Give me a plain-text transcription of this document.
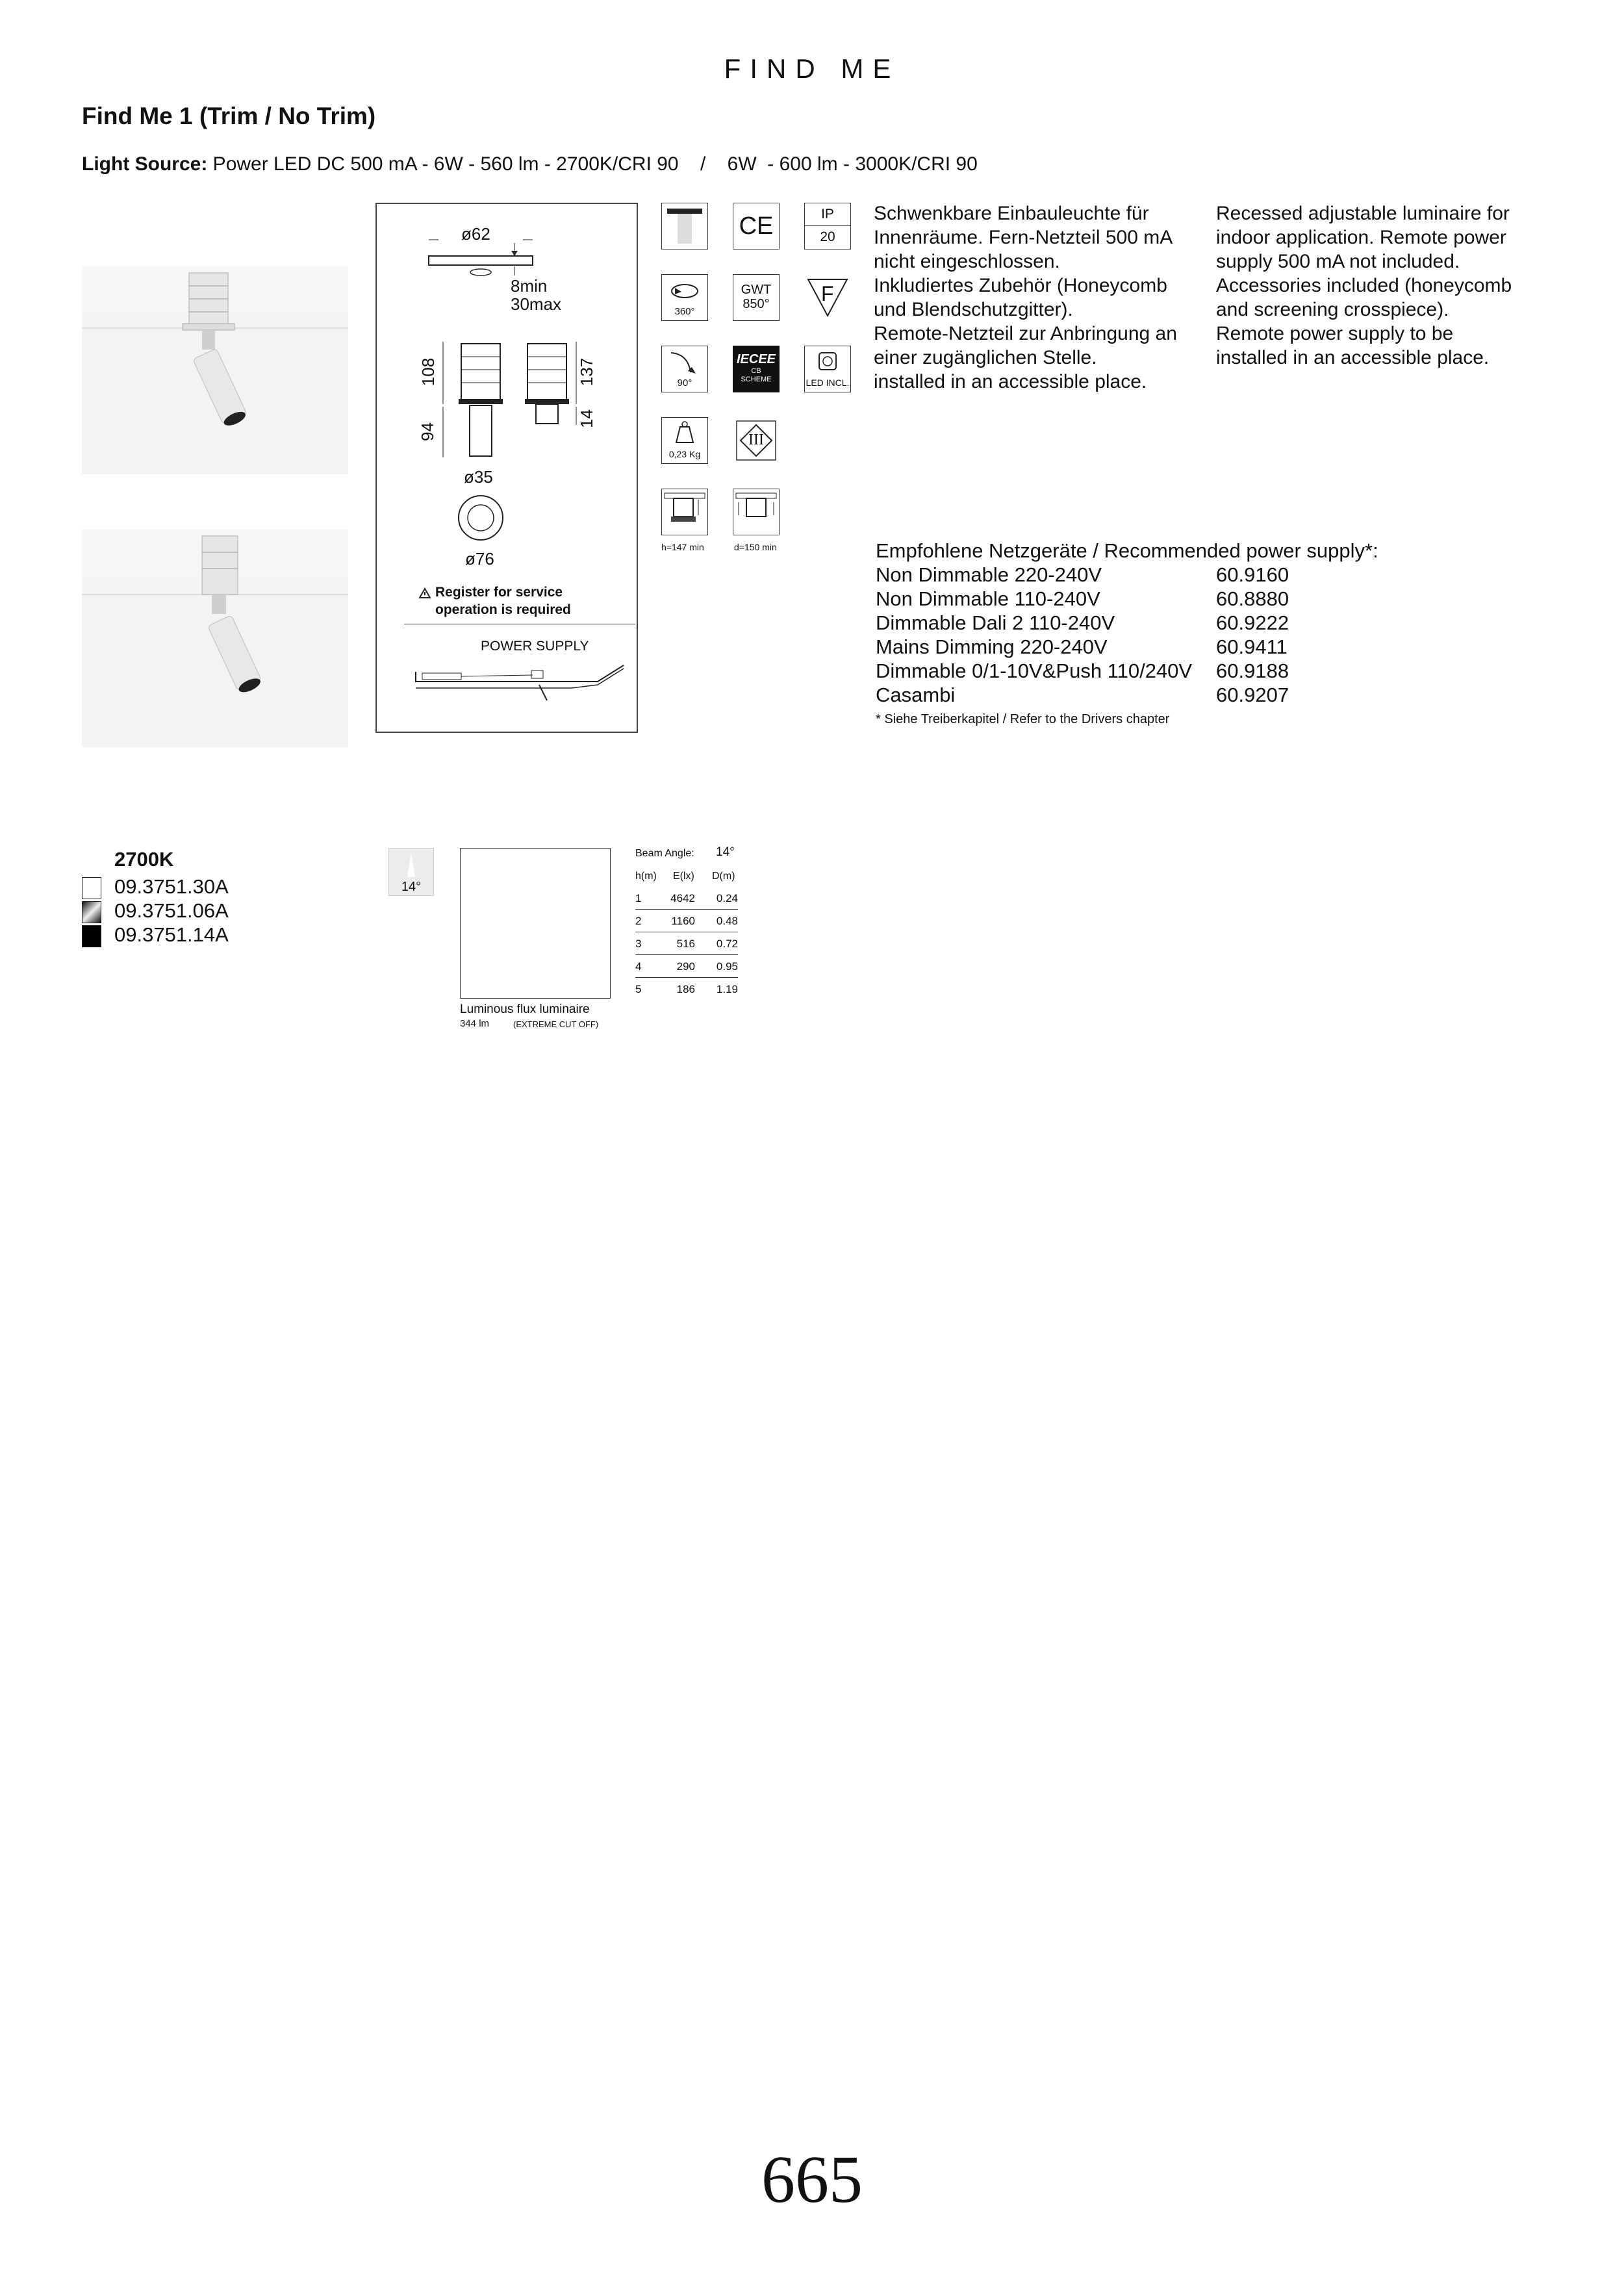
FIND ME
Find Me 1 (Trim / No Trim)
Light Source: Power LED DC 500 mA - 6W - 560 lm - 2700K/CRI 90    /    6W  - 600 lm - 3000K/CRI 90
ø62
8min
30max
108
94
137
14
ø35
ø76
Register for service
operation is required
POWER SUPPLY
CE	IP
20
360°
GWT
850°	F
90°
IECEE
CB
SCHEME	LED INCL.
0,23 Kg
III
h=147 min	d=150 min
Schwenkbare Einbauleuchte für
Innenräume. Fern-Netzteil 500 mA
nicht eingeschlossen.
Inkludiertes Zubehör (Honeycomb
und Blendschutzgitter).
Remote-Netzteil zur Anbringung an
einer zugänglichen Stelle.
installed in an accessible place.
Recessed adjustable luminaire for
indoor application. Remote power
supply 500 mA not included.
Accessories included (honeycomb
and screening crosspiece).
Remote power supply to be
installed in an accessible place.
Empfohlene Netzgeräte / Recommended power supply*:
Non Dimmable 220-240V	60.9160
Non Dimmable 110-240V	60.8880
Dimmable Dali 2 110-240V	60.9222
Mains Dimming 220-240V	60.9411
Dimmable 0/1-10V&Push 110/240V 60.9188
Casambi	60.9207
* Siehe Treiberkapitel / Refer to the Drivers chapter
2700K
09.3751.30A
09.3751.06A
09.3751.14A
14°
Luminous flux luminaire
344 lm	(EXTREME CUT OFF)
Beam Angle: 14°
h(m) E(lx) D(m)
1	4642 0.24
2	1160 0.48
3	516 0.72
4	290 0.95
5	186 1.19
665
